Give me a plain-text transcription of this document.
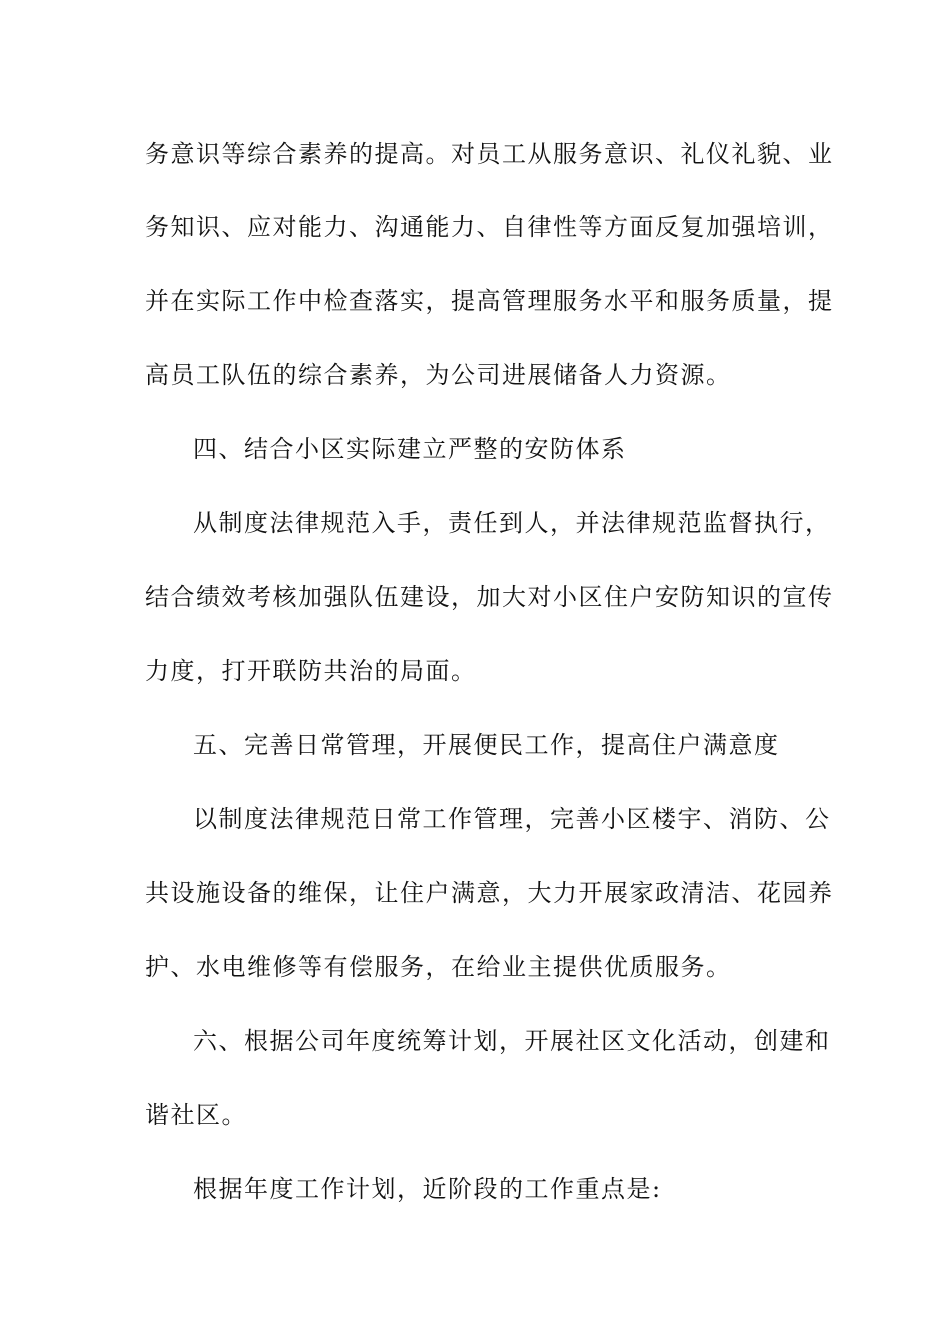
务意识等综合素养的提高。对员工从服务意识、礼仪礼貌、业
务知识、应对能力、沟通能力、自律性等方面反复加强培训，
并在实际工作中检查落实，提高管理服务水平和服务质量，提
高员工队伍的综合素养，为公司进展储备人力资源。
四、结合小区实际建立严整的安防体系
从制度法律规范入手，责任到人，并法律规范监督执行，
结合绩效考核加强队伍建设，加大对小区住户安防知识的宣传
力度，打开联防共治的局面。
五、完善日常管理，开展便民工作，提高住户满意度
以制度法律规范日常工作管理，完善小区楼宇、消防、公
共设施设备的维保，让住户满意，大力开展家政清洁、花园养
护、水电维修等有偿服务，在给业主提供优质服务。
六、根据公司年度统筹计划，开展社区文化活动，创建和
谐社区。
根据年度工作计划，近阶段的工作重点是:
